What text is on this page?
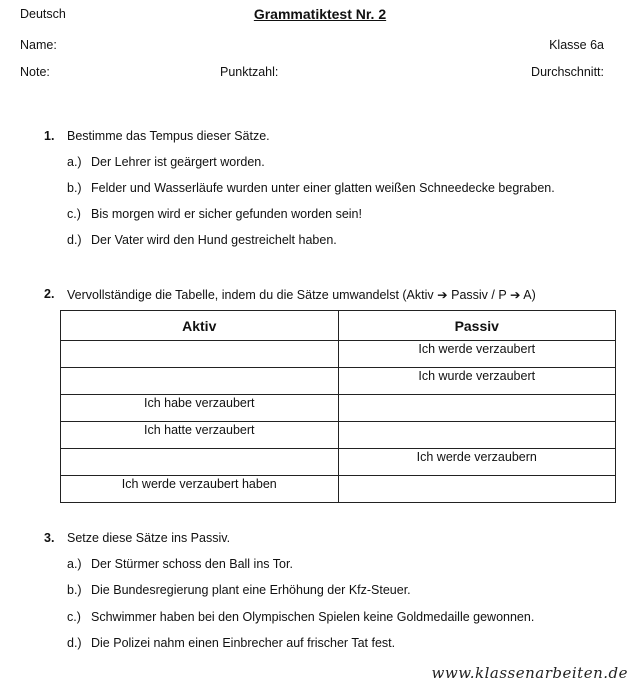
Deutsch	Grammatiktest Nr. 2
Name:	Klasse 6a
Note:	Punktzahl:	Durchschnitt:
1. Bestimme das Tempus dieser Sätze.
a.) Der Lehrer ist geärgert worden.
b.) Felder und Wasserläufe wurden unter einer glatten weißen Schneedecke begraben.
c.) Bis morgen wird er sicher gefunden worden sein!
d.) Der Vater wird den Hund gestreichelt haben.
2. Vervollständige die Tabelle, indem du die Sätze umwandelst (Aktiv ➔ Passiv / P ➔ A)
Aktiv	Passiv
	Ich werde verzaubert
	Ich wurde verzaubert
Ich habe verzaubert	
Ich hatte verzaubert	
	Ich werde verzaubern
Ich werde verzaubert haben	
3. Setze diese Sätze ins Passiv.
a.) Der Stürmer schoss den Ball ins Tor.
b.) Die Bundesregierung plant eine Erhöhung der Kfz-Steuer.
c.) Schwimmer haben bei den Olympischen Spielen keine Goldmedaille gewonnen.
d.) Die Polizei nahm einen Einbrecher auf frischer Tat fest.
www.klassenarbeiten.de
